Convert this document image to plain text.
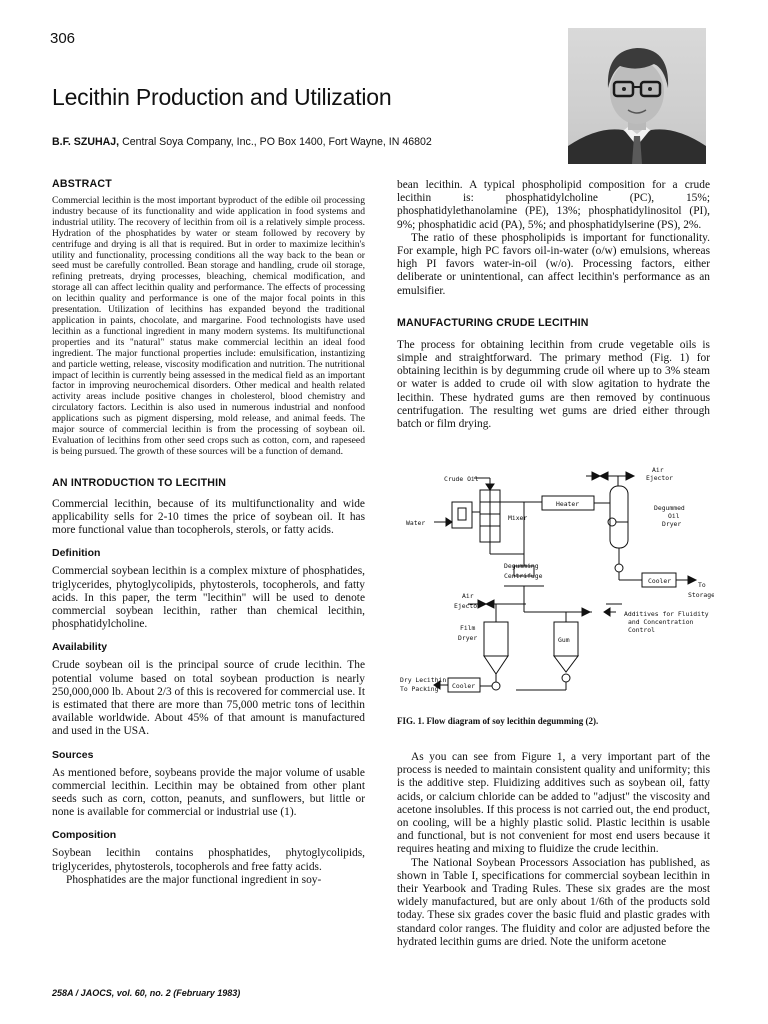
306
Lecithin Production and Utilization
B.F. SZUHAJ, Central Soya Company, Inc., PO Box 1400, Fort Wayne, IN 46802
ABSTRACT

Commercial lecithin is the most important byproduct of the edible oil processing industry because of its functionality and wide application in food systems and industrial utility. The recovery of lecithin from oil is a relatively simple process. Hydration of the phosphatides by water or steam followed by recovery by centrifuge and drying is all that is required. But in order to maximize lecithin's utility and functionality, processing conditions all the way back to the bean or seed must be carefully controlled. Bean storage and handling, crude oil storage, refining pretreats, drying processes, bleaching, chemical modification, and storage all can affect lecithin quality and performance. The effects of processing on lecithin quality and performance is one of the major focal points in this presentation. Utilization of lecithins has expanded beyond the traditional application in paints, chocolate, and margarine. Food technologists have used lecithin as a functional ingredient in many modern systems. Its multifunctional properties and its "natural" status make commercial lecithin an ideal food ingredient. The major functional properties include: emulsification, instantizing and particle wetting, release, viscosity modification and nutrition. The nutritional impact of lecithin is currently being assessed in the medical field as an important factor in improving neurochemical disorders. Other medical and health related activity areas include positive changes in cholesterol, blood chemistry and circulatory factors. Lecithin is also used in numerous industrial and nonfood applications such as pigment dispersing, mold release, and animal feeds. The major source of commercial lecithin is from the processing of soybean oil. Evaluation of lecithins from other seed crops such as cotton, corn, and rapeseed is being pursued. The growth of these sources will be a function of demand.

AN INTRODUCTION TO LECITHIN

Commercial lecithin, because of its multifunctionality and wide applicability sells for 2-10 times the price of soybean oil. It has more functional value than tocopherols, sterols, or fatty acids.

Definition

Commercial soybean lecithin is a complex mixture of phosphatides, triglycerides, phytoglycolipids, phytosterols, tocopherols, and fatty acids. In this paper, the term "lecithin" will be used to denote commercial soybean lecithin, rather than chemical lecithin, phosphatidylcholine.

Availability

Crude soybean oil is the principal source of crude lecithin. The potential volume based on total soybean production is nearly 250,000,000 lb. About 2/3 of this is recovered for commercial use. It is estimated that there are more than 75,000 metric tons of lecithin available worldwide. About 45% of that amount is manufactured and used in the USA.

Sources

As mentioned before, soybeans provide the major volume of usable commercial lecithin. Lecithin may be obtained from other plant seeds such as corn, cotton, peanuts, and sunflowers, but little or none is available for commercial or industrial use (1).

Composition

Soybean lecithin contains phosphatides, phytoglycolipids, triglycerides, phytosterols, tocopherols and free fatty acids.

Phosphatides are the major functional ingredient in soy-

bean lecithin. A typical phospholipid composition for a crude lecithin is: phosphatidylcholine (PC), 15%; phosphatidylethanolamine (PE), 13%; phosphatidylinositol (PI), 9%; phosphatidic acid (PA), 5%; and phosphatidylserine (PS), 2%.

The ratio of these phospholipids is important for functionality. For example, high PC favors oil-in-water (o/w) emulsions, whereas high PI favors water-in-oil (w/o). Processing factors, either deliberate or unintentional, can affect lecithin's performance as an emulsifier.

MANUFACTURING CRUDE LECITHIN

The process for obtaining lecithin from crude vegetable oils is simple and straightforward. The primary method (Fig. 1) for obtaining lecithin is by degumming crude oil where up to 3% steam or water is added to crude oil with slow agitation to hydrate the lecithin. These hydrated gums are then removed by continuous centrifugation. The resulting wet gums are dried either through batch or film drying.

Crude Oil
Water
Mixer
Heater
Air
Ejector
Degummed
Oil
Dryer
Cooler	To
Storage
Degumming
Centrifuge
Air
Ejector
Additives for Fluidity
and Concentration
Control
Film
Dryer	Gum
Dry Lecithin
To Packing Cooler
FIG. 1. Flow diagram of soy lecithin degumming (2).

As you can see from Figure 1, a very important part of the process is needed to maintain consistent quality and uniformity; this is the additive step. Fluidizing additives such as soybean oil, fatty acids, or calcium chloride can be added to "adjust" the viscosity and acetone insolubles. If this process is not carried out, the end product, on cooling, will be a highly plastic solid. Plastic lecithin is usable and functional, but is not convenient for most end users because it requires heating and mixing to fluidize the crude lecithin.

The National Soybean Processors Association has published, as shown in Table I, specifications for commercial soybean lecithin in their Yearbook and Trading Rules. These six grades are the most widely manufactured, but are only about 1/6th of the products sold today. These six grades cover the basic fluid and plastic grades with standard color ranges. The fluidity and color are adjusted before the hydrated lecithin gums are dried. Note the uniform acetone

258A / JAOCS, vol. 60, no. 2 (February 1983)
